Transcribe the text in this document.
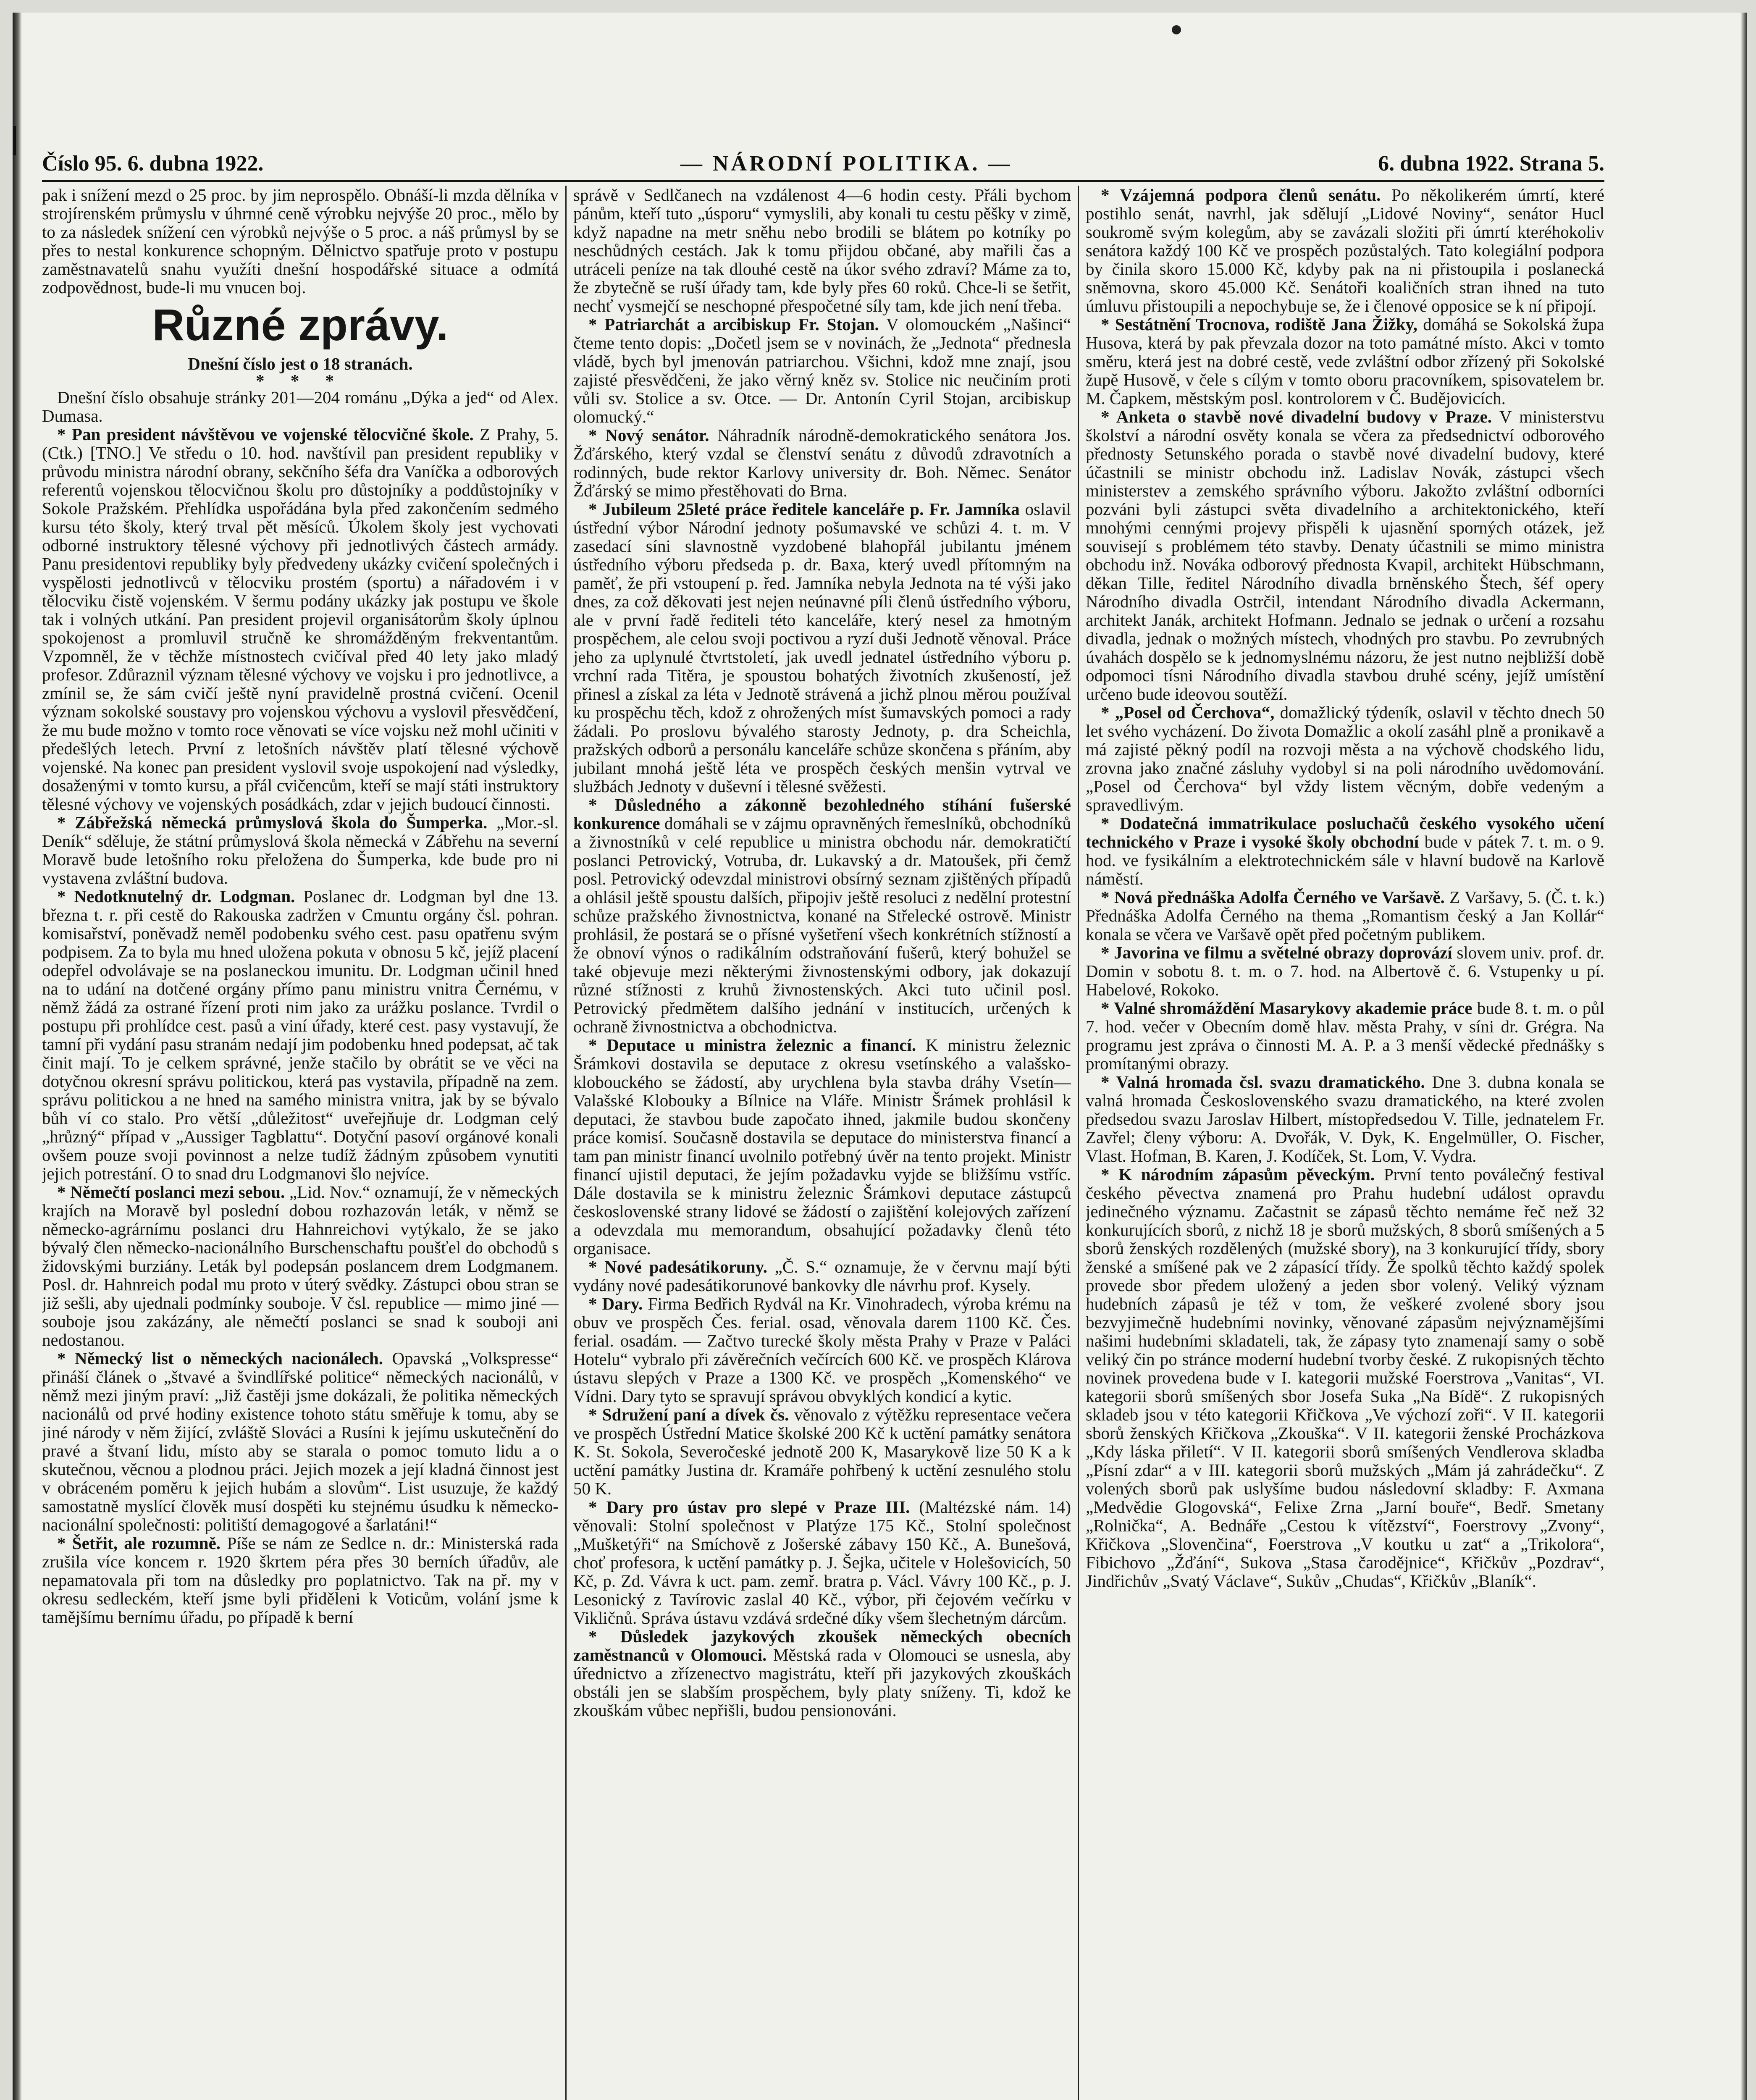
Číslo 95. 6. dubna 1922.	— NÁRODNÍ POLITIKA. —	6. dubna 1922. Strana 5.

pak i snížení mezd o 25 proc. by jim neprospělo. Obnáší-li mzda dělníka v strojírenském průmyslu v úhrnné ceně výrobku nejvýše 20 proc., mělo by to za následek snížení cen výrobků nejvýše o 5 proc. a náš průmysl by se přes to nestal konkurence schopným. Dělnictvo spatřuje proto v postupu zaměstnavatelů snahu využíti dnešní hospodářské situace a odmítá zodpovědnost, bude-li mu vnucen boj.

Různé zprávy.
Dnešní číslo jest o 18 stranách.
* * *

Dnešní číslo obsahuje stránky 201—204 románu „Dýka a jed“ od Alex. Dumasa.

* Pan president návštěvou ve vojenské tělocvičné škole. Z Prahy, 5. (Ctk.) [TNO.] Ve středu o 10. hod. navštívil pan president republiky v průvodu ministra národní obrany, sekčního šéfa dra Vaníčka a odborových referentů vojenskou tělocvičnou školu pro důstojníky a poddůstojníky v Sokole Pražském. Přehlídka uspořádána byla před zakončením sedmého kursu této školy, který trval pět měsíců. Úkolem školy jest vychovati odborné instruktory tělesné výchovy při jednotlivých částech armády. Panu presidentovi republiky byly předvedeny ukázky cvičení společných i vyspělosti jednotlivců v tělocviku prostém (sportu) a nářadovém i v tělocviku čistě vojenském. V šermu podány ukázky jak postupu ve škole tak i volných utkání. Pan president projevil organisátorům školy úplnou spokojenost a promluvil stručně ke shromážděným frekventantům. Vzpomněl, že v těchže místnostech cvičíval před 40 lety jako mladý profesor. Zdůraznil význam tělesné výchovy ve vojsku i pro jednotlivce, a zmínil se, že sám cvičí ještě nyní pravidelně prostná cvičení. Ocenil význam sokolské soustavy pro vojenskou výchovu a vyslovil přesvědčení, že mu bude možno v tomto roce věnovati se více vojsku než mohl učiniti v předešlých letech. První z letošních návštěv platí tělesné výchově vojenské. Na konec pan president vyslovil svoje uspokojení nad výsledky, dosaženými v tomto kursu, a přál cvičencům, kteří se mají státi instruktory tělesné výchovy ve vojenských posádkách, zdar v jejich budoucí činnosti.

* Zábřežská německá průmyslová škola do Šumperka. „Mor.-sl. Deník“ sděluje, že státní průmyslová škola německá v Zábřehu na severní Moravě bude letošního roku přeložena do Šumperka, kde bude pro ni vystavena zvláštní budova.

* Nedotknutelný dr. Lodgman. Poslanec dr. Lodgman byl dne 13. března t. r. při cestě do Rakouska zadržen v Cmuntu orgány čsl. pohran. komisařství, poněvadž neměl podobenku svého cest. pasu opatřenu svým podpisem. Za to byla mu hned uložena pokuta v obnosu 5 kč, jejíž placení odepřel odvolávaje se na poslaneckou imunitu. Dr. Lodgman učinil hned na to udání na dotčené orgány přímo panu ministru vnitra Černému, v němž žádá za ostrané řízení proti nim jako za urážku poslance. Tvrdil o postupu při prohlídce cest. pasů a viní úřady, které cest. pasy vystavují, že tamní při vydání pasu stranám nedají jim podobenku hned podepsat, ač tak činit mají. To je celkem správné, jenže stačilo by obrátit se ve věci na dotyčnou okresní správu politickou, která pas vystavila, případně na zem. správu politickou a ne hned na samého ministra vnitra, jak by se bývalo bůh ví co stalo. Pro větší „důležitost“ uveřejňuje dr. Lodgman celý „hrůzný“ případ v „Aussiger Tagblattu“. Dotyční pasoví orgánové konali ovšem pouze svoji povinnost a nelze tudíž žádným způsobem vynutiti jejich potrestání. O to snad dru Lodgmanovi šlo nejvíce.

* Němečtí poslanci mezi sebou. „Lid. Nov.“ oznamují, že v německých krajích na Moravě byl poslední dobou rozhazován leták, v němž se německo-agrárnímu poslanci dru Hahnreichovi vytýkalo, že se jako bývalý člen německo-nacionálního Burschenschaftu poušťel do obchodů s židovskými burziány. Leták byl podepsán poslancem drem Lodgmanem. Posl. dr. Hahnreich podal mu proto v úterý svědky. Zástupci obou stran se již sešli, aby ujednali podmínky souboje. V čsl. republice — mimo jiné — souboje jsou zakázány, ale němečtí poslanci se snad k souboji ani nedostanou.

* Německý list o německých nacionálech. Opavská „Volkspresse“ přináší článek o „štvavé a švindlířské politice“ německých nacionálů, v němž mezi jiným praví: „Již častěji jsme dokázali, že politika německých nacionálů od prvé hodiny existence tohoto státu směřuje k tomu, aby se jiné národy v něm žijící, zvláště Slováci a Rusíni k jejímu uskutečnění do pravé a štvaní lidu, místo aby se starala o pomoc tomuto lidu a o skutečnou, věcnou a plodnou práci. Jejich mozek a její kladná činnost jest v obráceném poměru k jejich hubám a slovům“. List usuzuje, že každý samostatně myslící člověk musí dospěti ku stejnému úsudku k německo-nacionální společnosti: politiští demagogové a šarlatáni!“

* Šetřit, ale rozumně. Píše se nám ze Sedlce n. dr.: Ministerská rada zrušila více koncem r. 1920 škrtem péra přes 30 berních úřadův, ale nepamatovala při tom na důsledky pro poplatnictvo. Tak na př. my v okresu sedleckém, kteří jsme byli přiděleni k Voticům, volání jsme k tamějšímu bernímu úřadu, po případě k berní

správě v Sedlčanech na vzdálenost 4—6 hodin cesty. Přáli bychom pánům, kteří tuto „úsporu“ vymyslili, aby konali tu cestu pěšky v zimě, když napadne na metr sněhu nebo brodili se blátem po kotníky po neschůdných cestách. Jak k tomu přijdou občané, aby mařili čas a utráceli peníze na tak dlouhé cestě na úkor svého zdraví? Máme za to, že zbytečně se ruší úřady tam, kde byly přes 60 roků. Chce-li se šetřit, nechť vysmejčí se neschopné přespočetné síly tam, kde jich není třeba.

* Patriarchát a arcibiskup Fr. Stojan. V olomouckém „Našinci“ čteme tento dopis: „Dočetl jsem se v novinách, že „Jednota“ přednesla vládě, bych byl jmenován patriarchou. Všichni, kdož mne znají, jsou zajisté přesvědčeni, že jako věrný kněz sv. Stolice nic neučiním proti vůli sv. Stolice a sv. Otce. — Dr. Antonín Cyril Stojan, arcibiskup olomucký.“

* Nový senátor. Náhradník národně-demokratického senátora Jos. Žďárského, který vzdal se členství senátu z důvodů zdravotních a rodinných, bude rektor Karlovy university dr. Boh. Němec. Senátor Žďárský se mimo přestěhovati do Brna.

* Jubileum 25leté práce ředitele kanceláře p. Fr. Jamníka oslavil ústřední výbor Národní jednoty pošumavské ve schůzi 4. t. m. V zasedací síni slavnostně vyzdobené blahopřál jubilantu jménem ústředního výboru předseda p. dr. Baxa, který uvedl přítomným na paměť, že při vstoupení p. řed. Jamníka nebyla Jednota na té výši jako dnes, za což děkovati jest nejen neúnavné píli členů ústředního výboru, ale v první řadě řediteli této kanceláře, který nesel za hmotným prospěchem, ale celou svoji poctivou a ryzí duši Jednotě věnoval. Práce jeho za uplynulé čtvrtstoletí, jak uvedl jednatel ústředního výboru p. vrchní rada Titěra, je spoustou bohatých životních zkušeností, jež přinesl a získal za léta v Jednotě strávená a jichž plnou měrou používal ku prospěchu těch, kdož z ohrožených míst šumavských pomoci a rady žádali. Po proslovu bývalého starosty Jednoty, p. dra Scheichla, pražských odborů a personálu kanceláře schůze skončena s přáním, aby jubilant mnohá ještě léta ve prospěch českých menšin vytrval ve službách Jednoty v duševní i tělesné svěžesti.

* Důsledného a zákonně bezohledného stíhání fušerské konkurence domáhali se v zájmu opravněných řemeslníků, obchodníků a živnostníků v celé republice u ministra obchodu nár. demokratičtí poslanci Petrovický, Votruba, dr. Lukavský a dr. Matoušek, při čemž posl. Petrovický odevzdal ministrovi obsírný seznam zjištěných případů a ohlásil ještě spoustu dalších, připojiv ještě resoluci z nedělní protestní schůze pražského živnostnictva, konané na Střelecké ostrově. Ministr prohlásil, že postará se o přísné vyšetření všech konkrétních stížností a že obnoví výnos o radikálním odstraňování fušerů, který bohužel se také objevuje mezi některými živnostenskými odbory, jak dokazují různé stížnosti z kruhů živnostenských. Akci tuto učinil posl. Petrovický předmětem dalšího jednání v institucích, určených k ochraně živnostnictva a obchodnictva.

* Deputace u ministra železnic a financí. K ministru železnic Šrámkovi dostavila se deputace z okresu vsetínského a valašsko-klobouckého se žádostí, aby urychlena byla stavba dráhy Vsetín—Valašské Klobouky a Bílnice na Vláře. Ministr Šrámek prohlásil k deputaci, že stavbou bude započato ihned, jakmile budou skončeny práce komisí. Současně dostavila se deputace do ministerstva financí a tam pan ministr financí uvolnilo potřebný úvěr na tento projekt. Ministr financí ujistil deputaci, že jejím požadavku vyjde se bližšímu vstříc. Dále dostavila se k ministru železnic Šrámkovi deputace zástupců československé strany lidové se žádostí o zajištění kolejových zařízení a odevzdala mu memorandum, obsahující požadavky členů této organisace.

* Nové padesátikoruny. „Č. S.“ oznamuje, že v červnu mají býti vydány nové padesátikorunové bankovky dle návrhu prof. Kysely.

* Dary. Firma Bedřich Rydvál na Kr. Vinohradech, výroba krému na obuv ve prospěch Čes. ferial. osad, věnovala darem 1100 Kč. Čes. ferial. osadám. — Začtvo turecké školy města Prahy v Praze v Paláci Hotelu“ vybralo při závěrečních večírcích 600 Kč. ve prospěch Klárova ústavu slepých v Praze a 1300 Kč. ve prospěch „Komenského“ ve Vídni. Dary tyto se spravují správou obvyklých kondicí a kytic.

* Sdružení paní a dívek čs. věnovalo z výtěžku representace večera ve prospěch Ústřední Matice školské 200 Kč k uctění památky senátora K. St. Sokola, Severočeské jednotě 200 K, Masarykově lize 50 K a k uctění památky Justina dr. Kramáře pohřbený k uctění zesnulého stolu 50 K.

* Dary pro ústav pro slepé v Praze III. (Maltézské nám. 14) věnovali: Stolní společnost v Platýze 175 Kč., Stolní společnost „Mušketýři“ na Smíchově z Jošerské zábavy 150 Kč., A. Bunešová, choť profesora, k uctění památky p. J. Šejka, učitele v Holešovicích, 50 Kč, p. Zd. Vávra k uct. pam. zemř. bratra p. Václ. Vávry 100 Kč., p. J. Lesonický z Tavírovic zaslal 40 Kč., výbor, při čejovém večírku v Vikličnů. Správa ústavu vzdává srdečné díky všem šlechetným dárcům.

* Důsledek jazykových zkoušek německých obecních zaměstnanců v Olomouci. Městská rada v Olomouci se usnesla, aby úřednictvo a zřízenectvo magistrátu, kteří při jazykových zkouškách obstáli jen se slabším prospěchem, byly platy sníženy. Ti, kdož ke zkouškám vůbec nepřišli, budou pensionováni.

* Vzájemná podpora členů senátu. Po několikerém úmrtí, které postihlo senát, navrhl, jak sdělují „Lidové Noviny“, senátor Hucl soukromě svým kolegům, aby se zavázali složiti při úmrtí kteréhokoliv senátora každý 100 Kč ve prospěch pozůstalých. Tato kolegiální podpora by činila skoro 15.000 Kč, kdyby pak na ni přistoupila i poslanecká sněmovna, skoro 45.000 Kč. Senátoři koaličních stran ihned na tuto úmluvu přistoupili a nepochybuje se, že i členové opposice se k ní připojí.

* Sestátnění Trocnova, rodiště Jana Žižky, domáhá se Sokolská župa Husova, která by pak převzala dozor na toto památné místo. Akci v tomto směru, která jest na dobré cestě, vede zvláštní odbor zřízený při Sokolské župě Husově, v čele s cílým v tomto oboru pracovníkem, spisovatelem br. M. Čapkem, městským posl. kontrolorem v Č. Budějovicích.

* Anketa o stavbě nové divadelní budovy v Praze. V ministerstvu školství a národní osvěty konala se včera za předsednictví odborového přednosty Setunského porada o stavbě nové divadelní budovy, které účastnili se ministr obchodu inž. Ladislav Novák, zástupci všech ministerstev a zemského správního výboru. Jakožto zvláštní odborníci pozváni byli zástupci světa divadelního a architektonického, kteří mnohými cennými projevy přispěli k ujasnění sporných otázek, jež souvisejí s problémem této stavby. Denaty účastnili se mimo ministra obchodu inž. Nováka odborový přednosta Kvapil, architekt Hübschmann, děkan Tille, ředitel Národního divadla brněnského Štech, šéf opery Národního divadla Ostrčil, intendant Národního divadla Ackermann, architekt Janák, architekt Hofmann. Jednalo se jednak o určení a rozsahu divadla, jednak o možných místech, vhodných pro stavbu. Po zevrubných úvahách dospělo se k jednomyslnému názoru, že jest nutno nejbližší době odpomoci tísni Národního divadla stavbou druhé scény, jejíž umístění určeno bude ideovou soutěží.

* „Posel od Čerchova“, domažlický týdeník, oslavil v těchto dnech 50 let svého vycházení. Do života Domažlic a okolí zasáhl plně a pronikavě a má zajisté pěkný podíl na rozvoji města a na výchově chodského lidu, zrovna jako značné zásluhy vydobyl si na poli národního uvědomování. „Posel od Čerchova“ byl vždy listem věcným, dobře vedeným a spravedlivým.

* Dodatečná immatrikulace posluchačů českého vysokého učení technického v Praze i vysoké školy obchodní bude v pátek 7. t. m. o 9. hod. ve fysikálním a elektrotechnickém sále v hlavní budově na Karlově náměstí.

* Nová přednáška Adolfa Černého ve Varšavě. Z Varšavy, 5. (Č. t. k.) Přednáška Adolfa Černého na thema „Romantism český a Jan Kollár“ konala se včera ve Varšavě opět před početným publikem.

* Javorina ve filmu a světelné obrazy doprovází slovem univ. prof. dr. Domin v sobotu 8. t. m. o 7. hod. na Albertově č. 6. Vstupenky u pí. Habelové, Rokoko.

* Valné shromáždění Masarykovy akademie práce bude 8. t. m. o půl 7. hod. večer v Obecním domě hlav. města Prahy, v síni dr. Grégra. Na programu jest zpráva o činnosti M. A. P. a 3 menší vědecké přednášky s promítanými obrazy.

* Valná hromada čsl. svazu dramatického. Dne 3. dubna konala se valná hromada Československého svazu dramatického, na které zvolen předsedou svazu Jaroslav Hilbert, místopředsedou V. Tille, jednatelem Fr. Zavřel; členy výboru: A. Dvořák, V. Dyk, K. Engelmüller, O. Fischer, Vlast. Hofman, B. Karen, J. Kodíček, St. Lom, V. Vydra.

* K národním zápasům pěveckým. První tento poválečný festival českého pěvectva znamená pro Prahu hudební událost opravdu jedinečného významu. Začastnit se zápasů těchto nemáme řeč než 32 konkurujících sborů, z nichž 18 je sborů mužských, 8 sborů smíšených a 5 sborů ženských rozdělených (mužské sbory), na 3 konkurující třídy, sbory ženské a smíšené pak ve 2 zápasící třídy. Že spolků těchto každý spolek provede sbor předem uložený a jeden sbor volený. Veliký význam hudebních zápasů je též v tom, že veškeré zvolené sbory jsou bezvyjimečně hudebními novinky, věnované zápasům nejvýznamějšími našimi hudebními skladateli, tak, že zápasy tyto znamenají samy o sobě veliký čin po stránce moderní hudební tvorby české. Z rukopisných těchto novinek provedena bude v I. kategorii mužské Foerstrova „Vanitas“, VI. kategorii sborů smíšených sbor Josefa Suka „Na Bídě“. Z rukopisných skladeb jsou v této kategorii Křičkova „Ve výchozí zoři“. V II. kategorii sborů ženských Křičkova „Zkouška“. V II. kategorii ženské Procházkova „Kdy láska přiletí“. V II. kategorii sborů smíšených Vendlerova skladba „Písní zdar“ a v III. kategorii sborů mužských „Mám já zahrádečku“. Z volených sborů pak uslyšíme budou následovní skladby: F. Axmana „Medvědie Glogovská“, Felixe Zrna „Jarní bouře“, Bedř. Smetany „Rolnička“, A. Bednáře „Cestou k vítězství“, Foerstrovy „Zvony“, Křičkova „Slovenčina“, Foerstrova „V koutku u zat“ a „Trikolora“, Fibichovo „Žďání“, Sukova „Stasa čarodějnice“, Křičkův „Pozdrav“, Jindřichův „Svatý Václave“, Sukův „Chudas“, Křičkův „Blaník“.
